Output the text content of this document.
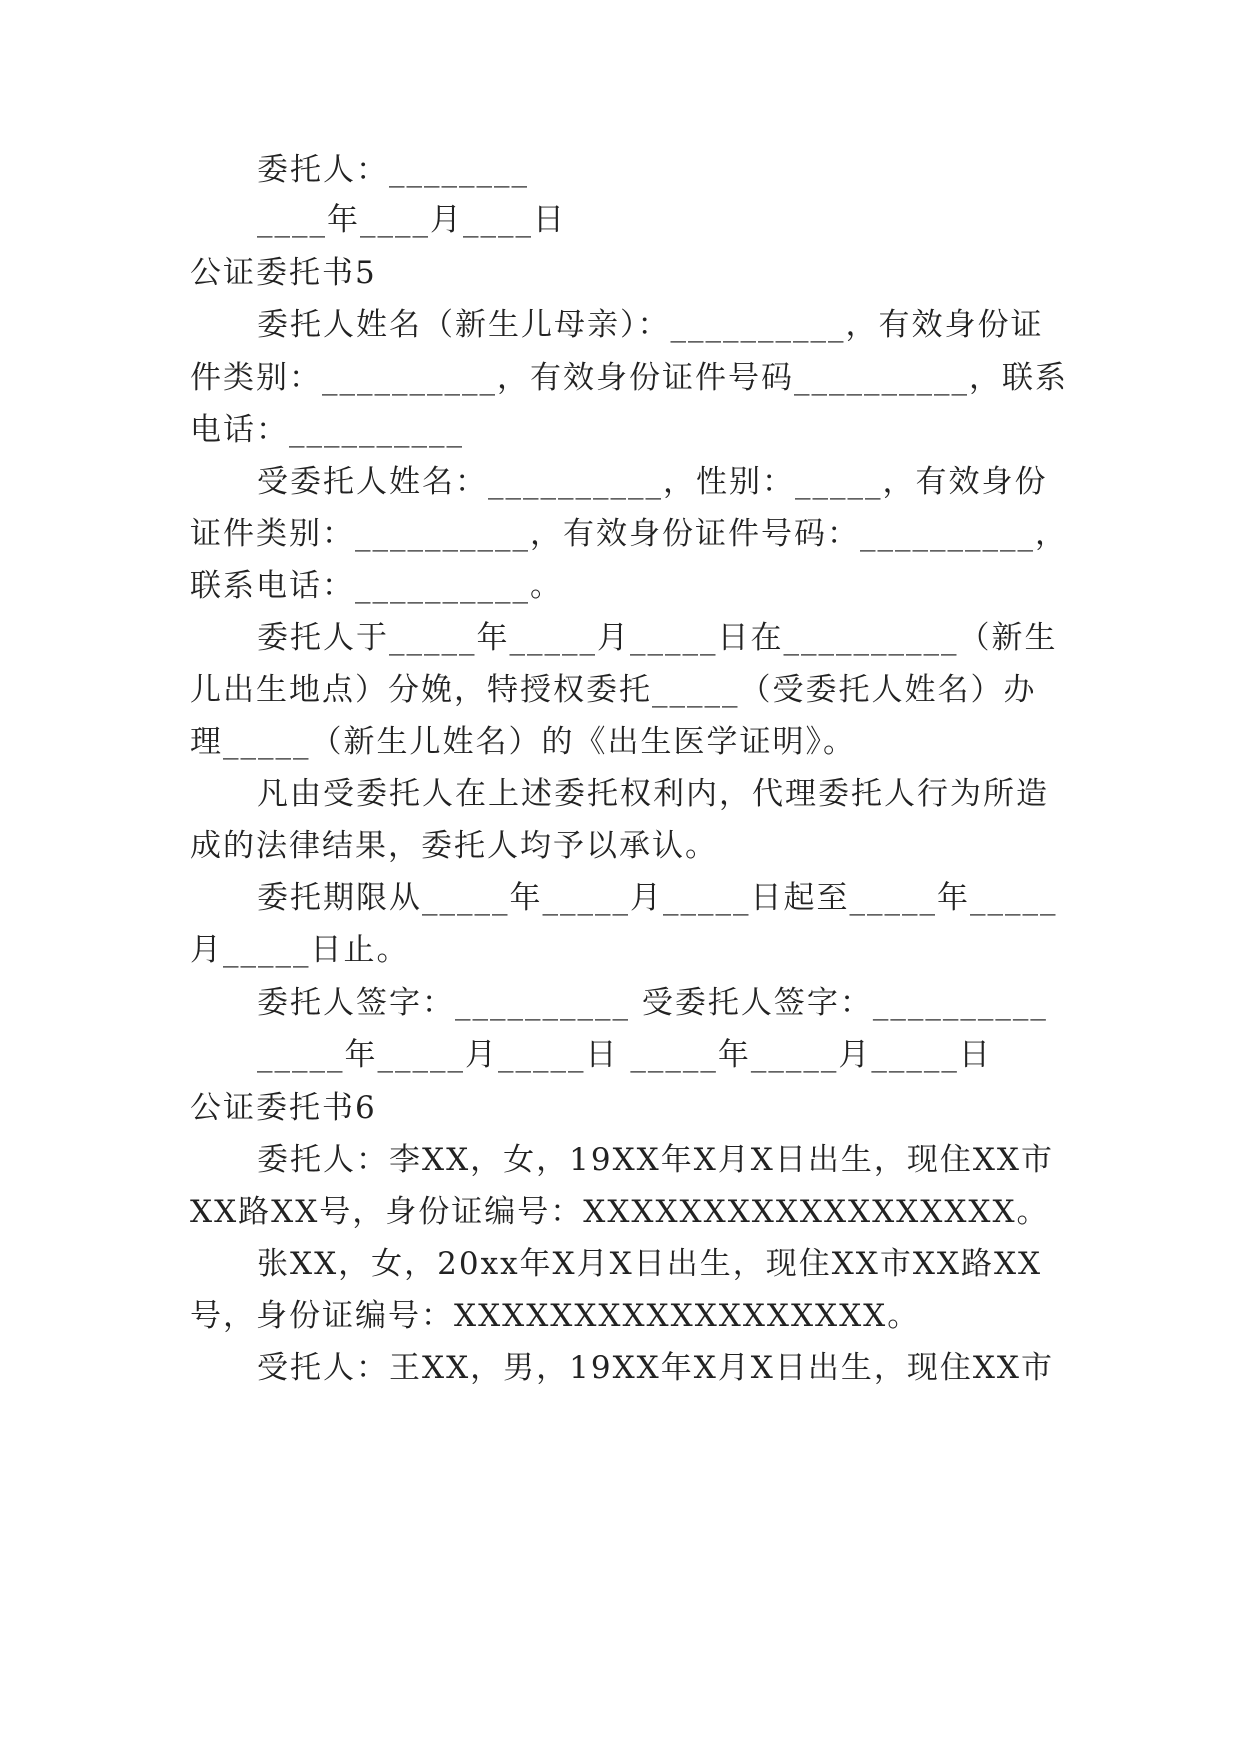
委托人：________
____年____月____日
公证委托书5
委托人姓名（新生儿母亲）：__________，有效身份证
件类别：__________，有效身份证件号码__________，联系
电话：__________
受委托人姓名：__________，性别：_____，有效身份
证件类别：__________，有效身份证件号码：__________，
联系电话：__________。
委托人于_____年_____月_____日在__________（新生
儿出生地点）分娩，特授权委托_____（受委托人姓名）办
理_____（新生儿姓名）的《出生医学证明》。
凡由受委托人在上述委托权利内，代理委托人行为所造
成的法律结果，委托人均予以承认。
委托期限从_____年_____月_____日起至_____年_____
月_____日止。
委托人签字：__________ 受委托人签字：__________
_____年_____月_____日 _____年_____月_____日
公证委托书6
委托人：李XX，女，19XX年X月X日出生，现住XX市
XX路XX号，身份证编号：XXXXXXXXXXXXXXXXXX。
张XX，女，20xx年X月X日出生，现住XX市XX路XX
号，身份证编号：XXXXXXXXXXXXXXXXXX。
受托人：王XX，男，19XX年X月X日出生，现住XX市
